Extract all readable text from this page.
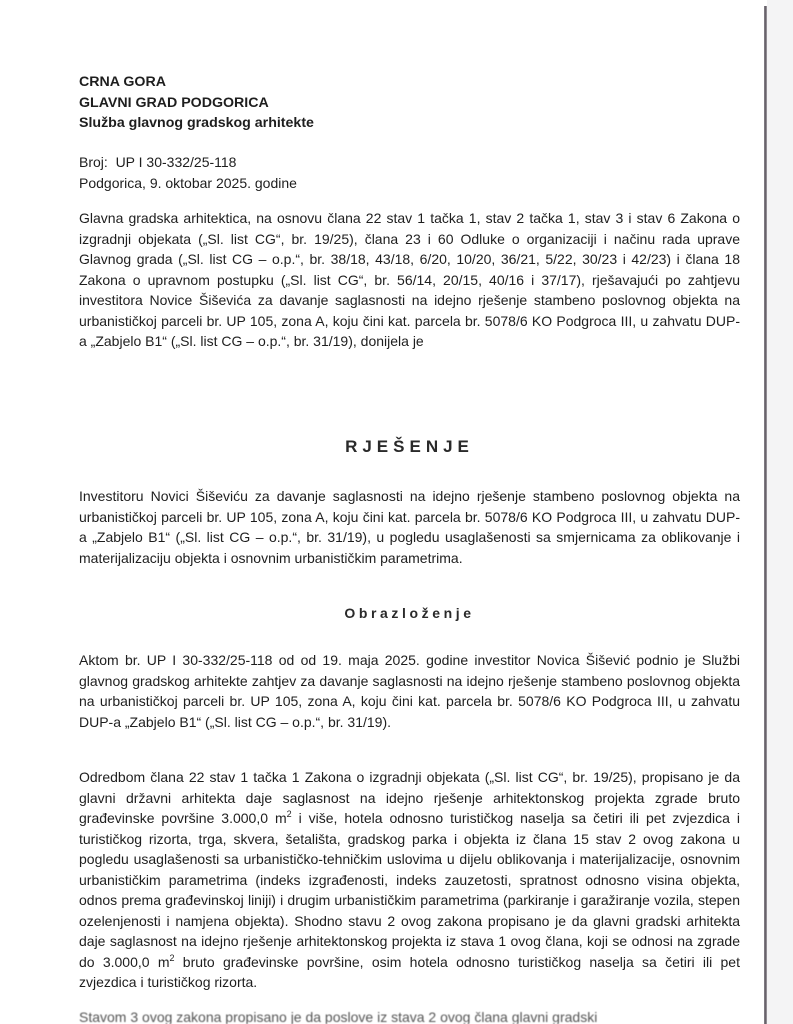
CRNA GORA
GLAVNI GRAD PODGORICA
Služba glavnog gradskog arhitekte
Broj:  UP I 30-332/25-118
Podgorica, 9. oktobar 2025. godine
Glavna gradska arhitektica, na osnovu člana 22 stav 1 tačka 1, stav 2 tačka 1, stav 3 i stav 6 Zakona o izgradnji objekata („Sl. list CG“, br. 19/25), člana 23 i 60 Odluke o organizaciji i načinu rada uprave Glavnog grada („Sl. list CG – o.p.“, br. 38/18, 43/18, 6/20, 10/20, 36/21, 5/22, 30/23 i 42/23) i člana 18 Zakona o upravnom postupku („Sl. list CG“, br. 56/14, 20/15, 40/16 i 37/17), rješavajući po zahtjevu investitora Novice Šiševića za davanje saglasnosti na idejno rješenje stambeno poslovnog objekta na urbanističkoj parceli br. UP 105, zona A, koju čini kat. parcela br. 5078/6 KO Podgroca III, u zahvatu DUP-a „Zabjelo B1“ („Sl. list CG – o.p.“, br. 31/19), donijela je
RJEŠENJE
Investitoru Novici Šiševiću za davanje saglasnosti na idejno rješenje stambeno poslovnog objekta na urbanističkoj parceli br. UP 105, zona A, koju čini kat. parcela br. 5078/6 KO Podgroca III, u zahvatu DUP-a „Zabjelo B1“ („Sl. list CG – o.p.“, br. 31/19), u pogledu usaglašenosti sa smjernicama za oblikovanje i materijalizaciju objekta i osnovnim urbanističkim parametrima.
Obrazloženje
Aktom br. UP I 30-332/25-118 od od 19. maja 2025. godine investitor Novica Šišević podnio je Službi glavnog gradskog arhitekte zahtjev za davanje saglasnosti na idejno rješenje stambeno poslovnog objekta na urbanističkoj parceli br. UP 105, zona A, koju čini kat. parcela br. 5078/6 KO Podgroca III, u zahvatu DUP-a „Zabjelo B1“ („Sl. list CG – o.p.“, br. 31/19).
Odredbom člana 22 stav 1 tačka 1 Zakona o izgradnji objekata („Sl. list CG“, br. 19/25), propisano je da glavni državni arhitekta daje saglasnost na idejno rješenje arhitektonskog projekta zgrade bruto građevinske površine 3.000,0 $m^2$ i više, hotela odnosno turističkog naselja sa četiri ili pet zvjezdica i turističkog rizorta, trga, skvera, šetališta, gradskog parka i objekta iz člana 15 stav 2 ovog zakona u pogledu usaglašenosti sa urbanističko-tehničkim uslovima u dijelu oblikovanja i materijalizacije, osnovnim urbanističkim parametrima (indeks izgrađenosti, indeks zauzetosti, spratnost odnosno visina objekta, odnos prema građevinskoj liniji) i drugim urbanističkim parametrima (parkiranje i garažiranje vozila, stepen ozelenjenosti i namjena objekta). Shodno stavu 2 ovog zakona propisano je da glavni gradski arhitekta daje saglasnost na idejno rješenje arhitektonskog projekta iz stava 1 ovog člana, koji se odnosi na zgrade do 3.000,0 $m^2$ bruto građevinske površine, osim hotela odnosno turističkog naselja sa četiri ili pet zvjezdica i turističkog rizorta.
Stavom 3 ovog zakona propisano je da poslove iz stava 2 ovog člana glavni gradski
